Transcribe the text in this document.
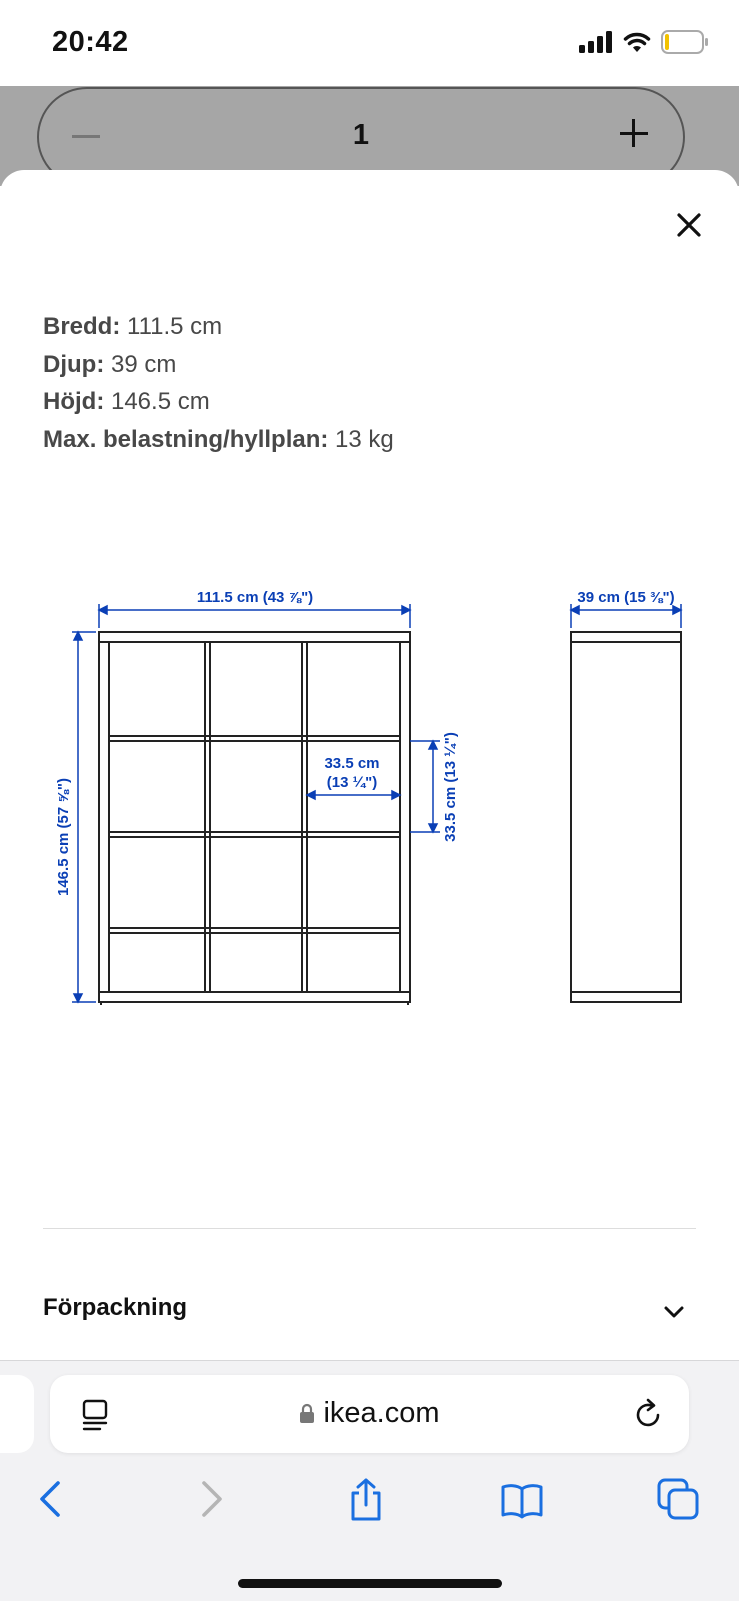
20:42
1
Bredd: 111.5 cm
Djup: 39 cm
Höjd: 146.5 cm
Max. belastning/hyllplan: 13 kg
111.5 cm (43 ⅞")	39 cm (15 ⅜")
146.5 cm (57 ⅝")
33.5 cm
(13 ¼")	33.5 cm (13 ¼")
Förpackning
ikea.com
